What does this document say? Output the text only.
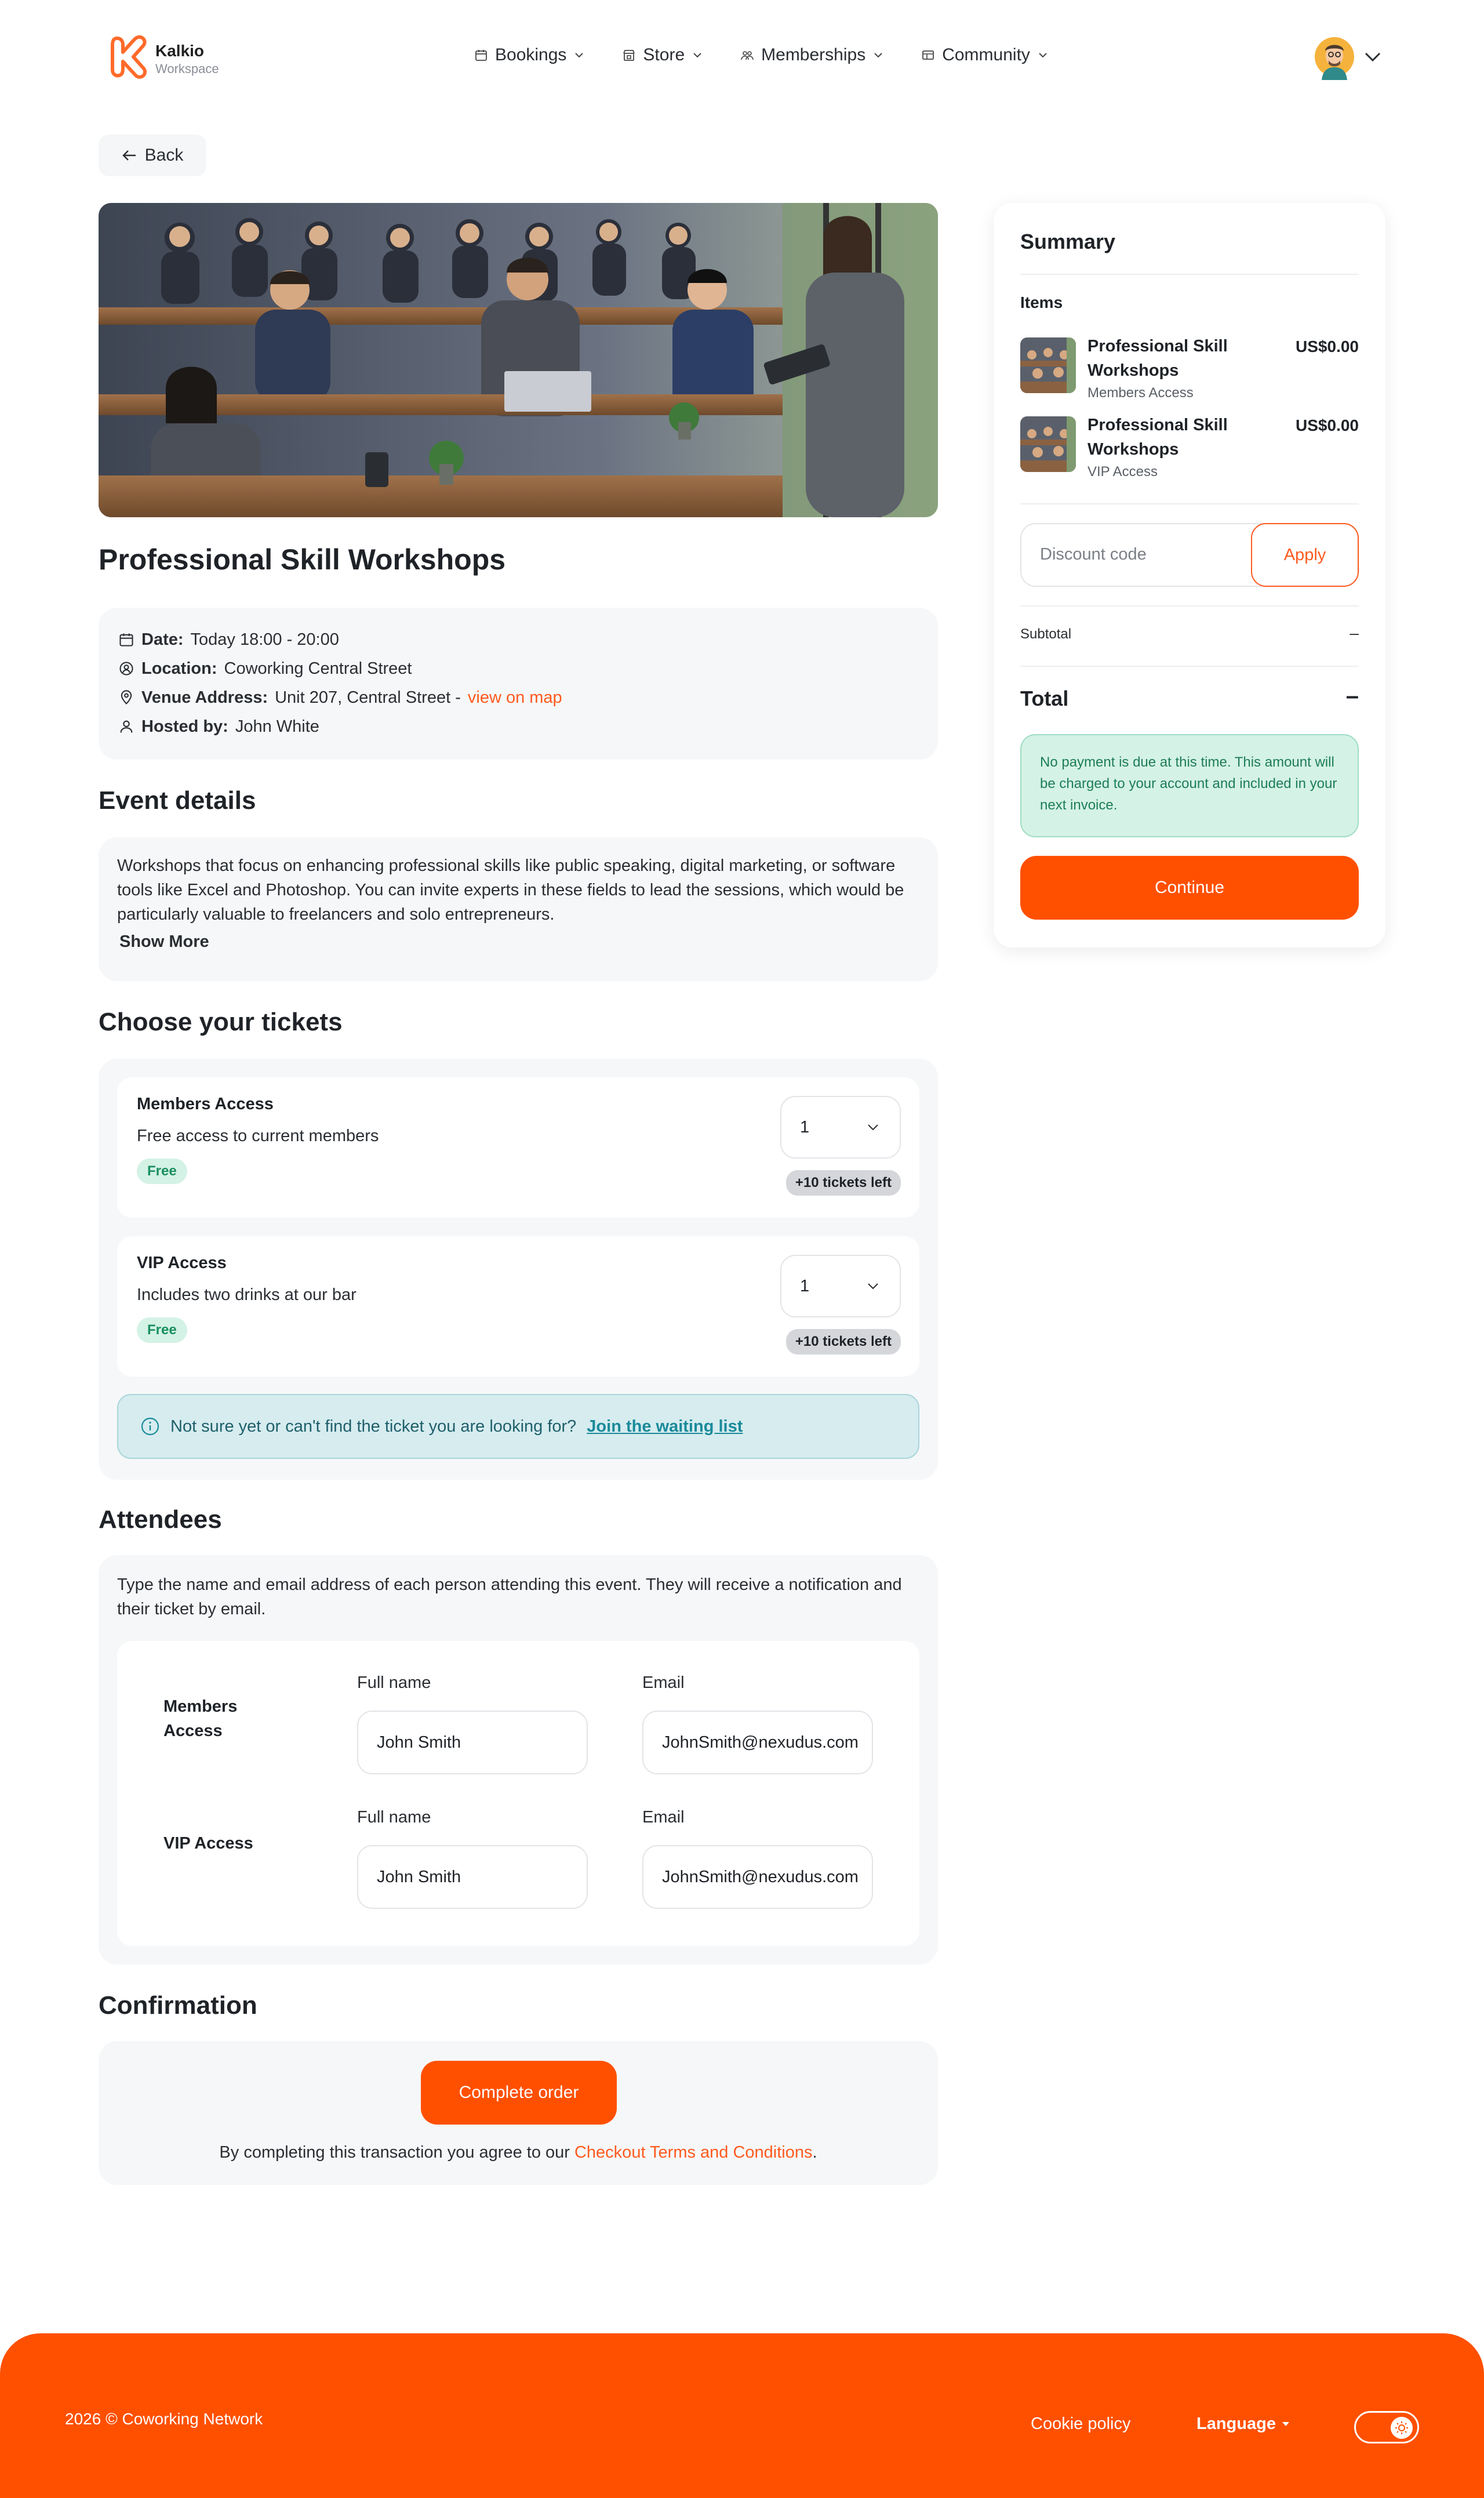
Kalkio
Workspace
Bookings	Store	Memberships	Community
Back
Professional Skill Workshops
Date: Today 18:00 - 20:00
Location: Coworking Central Street
Venue Address: Unit 207, Central Street - view on map
Hosted by: John White
Event details
Workshops that focus on enhancing professional skills like public speaking, digital marketing, or software tools like Excel and Photoshop. You can invite experts in these fields to lead the sessions, which would be particularly valuable to freelancers and solo entrepreneurs.
Show More
Choose your tickets
Members Access
Free access to current members
Free
1
+10 tickets left
VIP Access
Includes two drinks at our bar
Free
1
+10 tickets left
Not sure yet or can't find the ticket you are looking for? Join the waiting list
Attendees
Type the name and email address of each person attending this event. They will receive a notification and their ticket by email.
Members Access
Full name
John Smith
Email
JohnSmith@nexudus.com
VIP Access
Full name
John Smith
Email
JohnSmith@nexudus.com
Confirmation
Complete order
By completing this transaction you agree to our Checkout Terms and Conditions.
Summary
Items
Professional Skill Workshops
Members Access
US$0.00
Professional Skill Workshops
VIP Access
US$0.00
Discount code	Apply
Subtotal	–
Total	–
No payment is due at this time. This amount will be charged to your account and included in your next invoice.
Continue
2026 © Coworking Network	Cookie policy	Language
